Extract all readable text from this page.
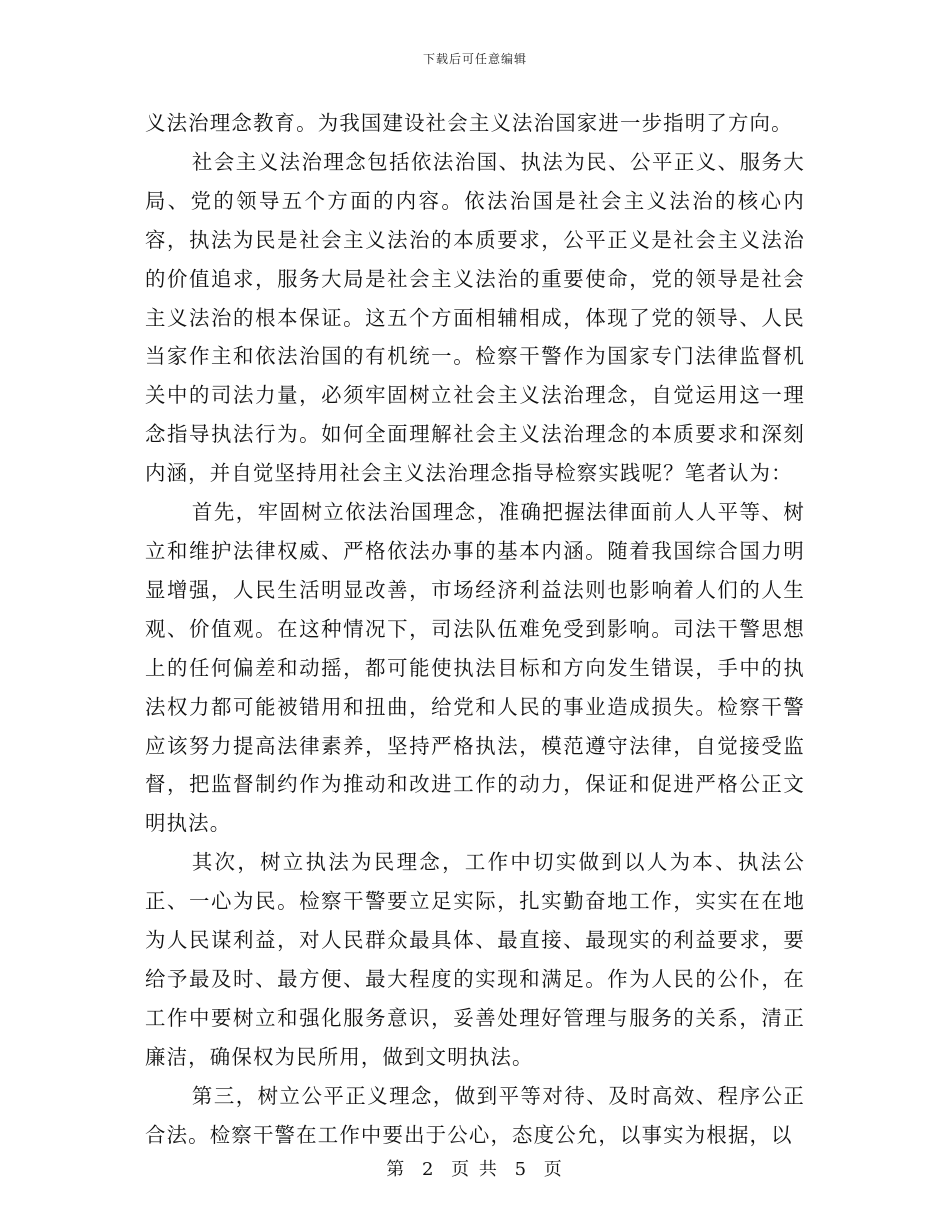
下载后可任意编辑

义法治理念教育。为我国建设社会主义法治国家进一步指明了方向。

社会主义法治理念包括依法治国、执法为民、公平正义、服务大局、党的领导五个方面的内容。依法治国是社会主义法治的核心内容，执法为民是社会主义法治的本质要求，公平正义是社会主义法治的价值追求，服务大局是社会主义法治的重要使命，党的领导是社会主义法治的根本保证。这五个方面相辅相成，体现了党的领导、人民当家作主和依法治国的有机统一。检察干警作为国家专门法律监督机关中的司法力量，必须牢固树立社会主义法治理念，自觉运用这一理念指导执法行为。如何全面理解社会主义法治理念的本质要求和深刻内涵，并自觉坚持用社会主义法治理念指导检察实践呢？笔者认为：

首先，牢固树立依法治国理念，准确把握法律面前人人平等、树立和维护法律权威、严格依法办事的基本内涵。随着我国综合国力明显增强，人民生活明显改善，市场经济利益法则也影响着人们的人生观、价值观。在这种情况下，司法队伍难免受到影响。司法干警思想上的任何偏差和动摇，都可能使执法目标和方向发生错误，手中的执法权力都可能被错用和扭曲，给党和人民的事业造成损失。检察干警应该努力提高法律素养，坚持严格执法，模范遵守法律，自觉接受监督，把监督制约作为推动和改进工作的动力，保证和促进严格公正文明执法。

其次，树立执法为民理念，工作中切实做到以人为本、执法公正、一心为民。检察干警要立足实际，扎实勤奋地工作，实实在在地为人民谋利益，对人民群众最具体、最直接、最现实的利益要求，要给予最及时、最方便、最大程度的实现和满足。作为人民的公仆，在工作中要树立和强化服务意识，妥善处理好管理与服务的关系，清正廉洁，确保权为民所用，做到文明执法。

第三，树立公平正义理念，做到平等对待、及时高效、程序公正合法。检察干警在工作中要出于公心，态度公允，以事实为根据，以

第 2 页 共 5 页
